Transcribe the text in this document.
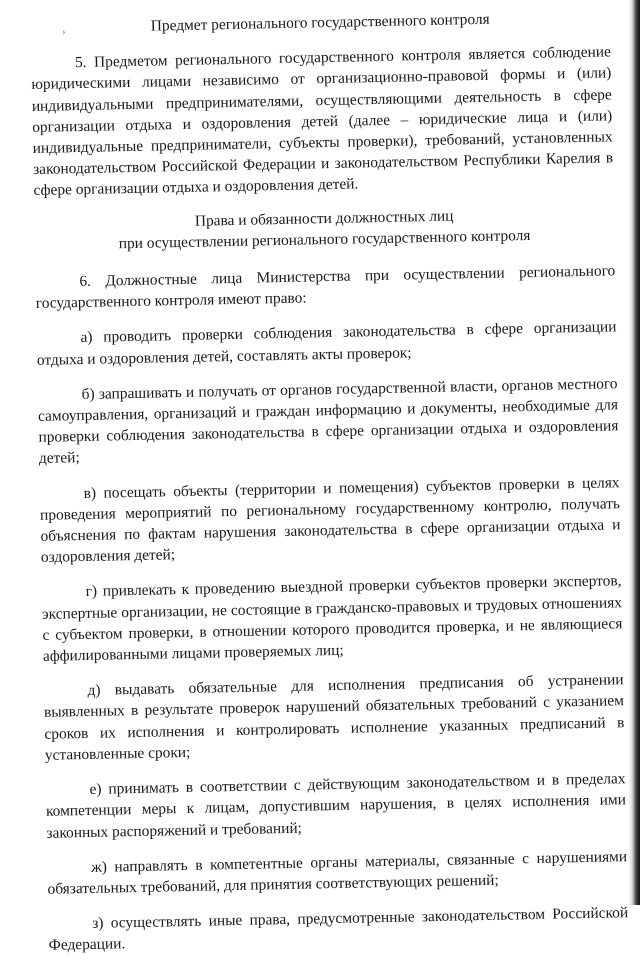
›	Предмет регионального государственного контроля

5. Предметом регионального государственного контроля является соблюдение юридическими лицами независимо от организационно-правовой формы и (или) индивидуальными предпринимателями, осуществляющими деятельность в сфере организации отдыха и оздоровления детей (далее – юридические лица и (или) индивидуальные предприниматели, субъекты проверки), требований, установленных законодательством Российской Федерации и законодательством Республики Карелия в сфере организации отдыха и оздоровления детей.

Права и обязанности должностных лиц

при осуществлении регионального государственного контроля

6. Должностные лица Министерства при осуществлении регионального государственного контроля имеют право:

а) проводить проверки соблюдения законодательства в сфере организации отдыха и оздоровления детей, составлять акты проверок;

б) запрашивать и получать от органов государственной власти, органов местного самоуправления, организаций и граждан информацию и документы, необходимые для проверки соблюдения законодательства в сфере организации отдыха и оздоровления детей;

в) посещать объекты (территории и помещения) субъектов проверки в целях проведения мероприятий по региональному государственному контролю, получать объяснения по фактам нарушения законодательства в сфере организации отдыха и оздоровления детей;

г) привлекать к проведению выездной проверки субъектов проверки экспертов, экспертные организации, не состоящие в гражданско-правовых и трудовых отношениях с субъектом проверки, в отношении которого проводится проверка, и не являющиеся аффилированными лицами проверяемых лиц;

д) выдавать обязательные для исполнения предписания об устранении выявленных в результате проверок нарушений обязательных требований с указанием сроков их исполнения и контролировать исполнение указанных предписаний в установленные сроки;

е) принимать в соответствии с действующим законодательством и в пределах компетенции меры к лицам, допустившим нарушения, в целях исполнения ими законных распоряжений и требований;

ж) направлять в компетентные органы материалы, связанные с нарушениями обязательных требований, для принятия соответствующих решений;

з) осуществлять иные права, предусмотренные законодательством Российской Федерации.
